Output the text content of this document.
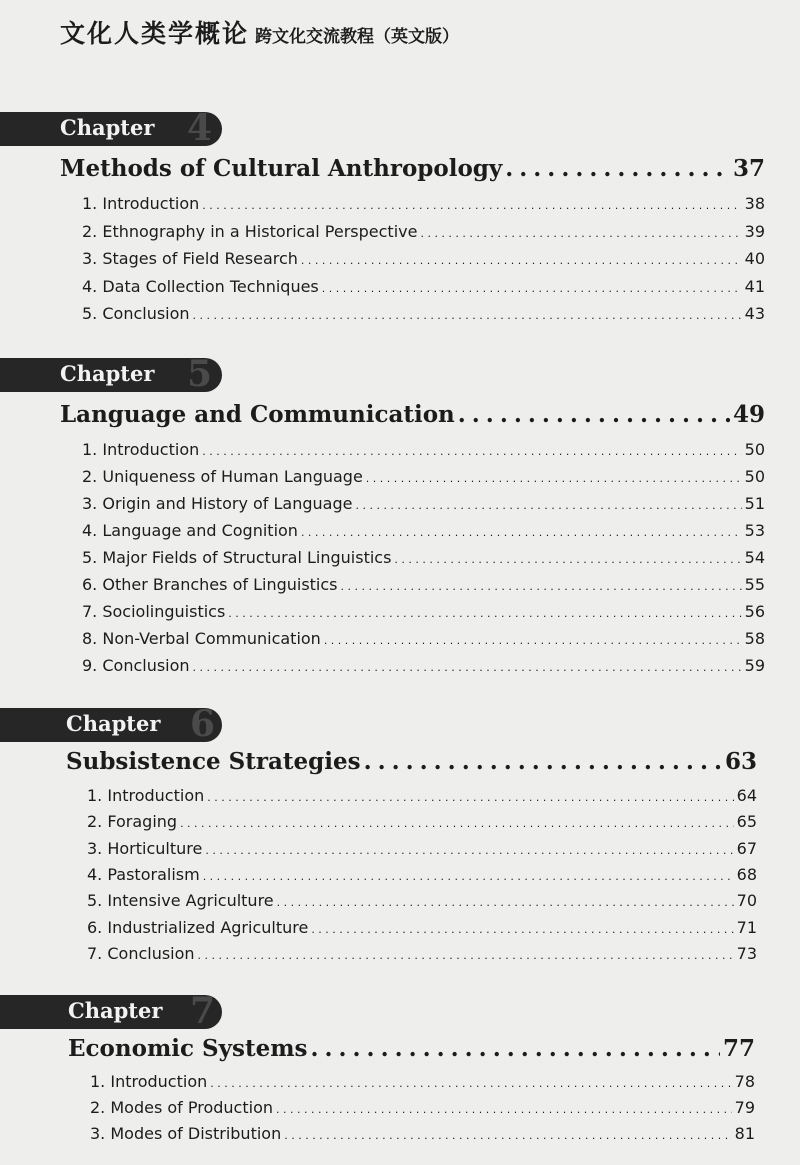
文化人类学概论 跨文化交流教程（英文版）
Chapter 4
Methods of Cultural Anthropology . . .	37
1. Introduction . . .	38
2. Ethnography in a Historical Perspective . . .	39
3. Stages of Field Research . . .	40
4. Data Collection Techniques . . .	41
5. Conclusion . . .	43
Chapter 5
Language and Communication . . .	49
1. Introduction . . .	50
2. Uniqueness of Human Language . . .	50
3. Origin and History of Language . . .	51
4. Language and Cognition . . .	53
5. Major Fields of Structural Linguistics . . .	54
6. Other Branches of Linguistics . . .	55
7. Sociolinguistics . . .	56
8. Non-Verbal Communication . . .	58
9. Conclusion . . .	59
Chapter 6
Subsistence Strategies . . .	63
1. Introduction . . .	64
2. Foraging . . .	65
3. Horticulture . . .	67
4. Pastoralism . . .	68
5. Intensive Agriculture . . .	70
6. Industrialized Agriculture . . .	71
7. Conclusion . . .	73
Chapter 7
Economic Systems . . .	77
1. Introduction . . .	78
2. Modes of Production . . .	79
3. Modes of Distribution . . .	81
